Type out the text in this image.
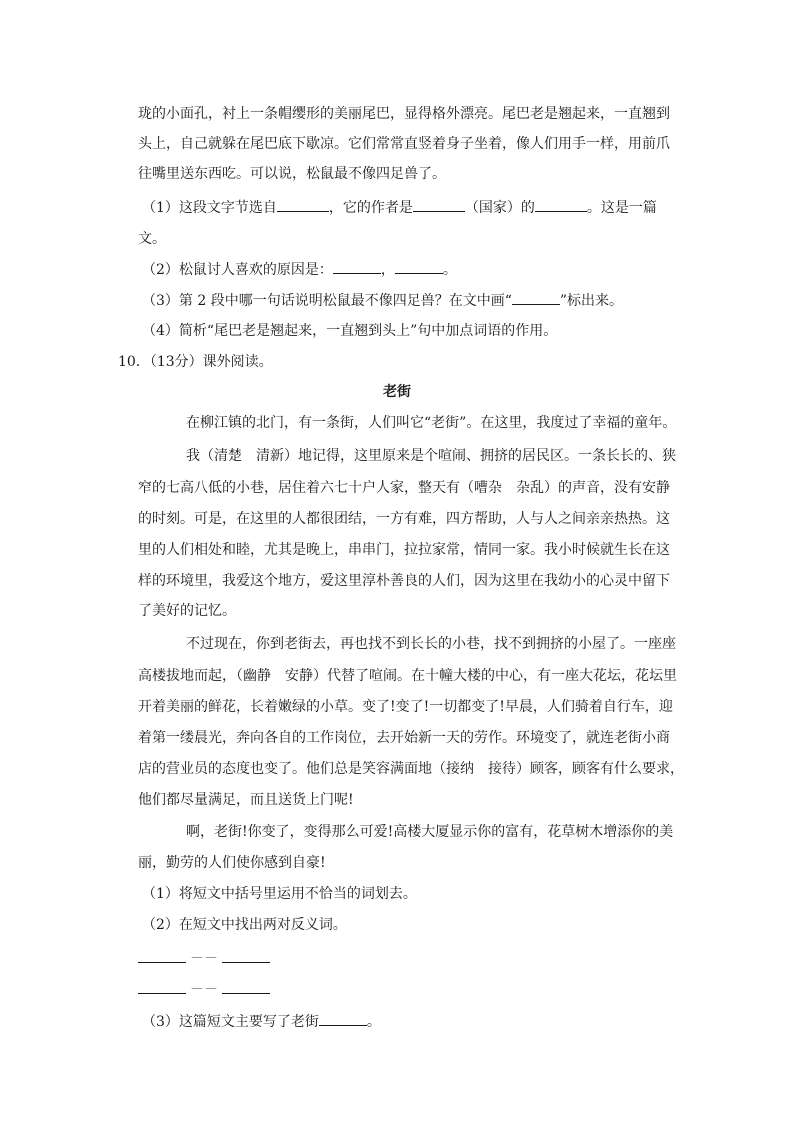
珑的小面孔，衬上一条帽缨形的美丽尾巴，显得格外漂亮。尾巴老是翘起来，一直翘到
头上，自己就躲在尾巴底下歇凉。它们常常直竖着身子坐着，像人们用手一样，用前爪
往嘴里送东西吃。可以说，松鼠最不像四足兽了。
（1）这段文字节选自	，它的作者是	（国家）的	。这是一篇
文。
（2）松鼠讨人喜欢的原因是：	，	。
（3）第 2 段中哪一句话说明松鼠最不像四足兽？在文中画“	”标出来。
（4）简析“尾巴老是翘起来，一直翘到头上”句中加点词语的作用。
10．（13分）课外阅读。
老街
在柳江镇的北门，有一条街，人们叫它“老街”。在这里，我度过了幸福的童年。
我（清楚　清新）地记得，这里原来是个喧闹、拥挤的居民区。一条长长的、狭
窄的七高八低的小巷，居住着六七十户人家，整天有（嘈杂　杂乱）的声音，没有安静
的时刻。可是，在这里的人都很团结，一方有难，四方帮助，人与人之间亲亲热热。这
里的人们相处和睦，尤其是晚上，串串门，拉拉家常，情同一家。我小时候就生长在这
样的环境里，我爱这个地方，爱这里淳朴善良的人们，因为这里在我幼小的心灵中留下
了美好的记忆。
不过现在，你到老街去，再也找不到长长的小巷，找不到拥挤的小屋了。一座座
高楼拔地而起，（幽静　安静）代替了喧闹。在十幢大楼的中心，有一座大花坛，花坛里
开着美丽的鲜花，长着嫩绿的小草。变了!变了!一切都变了!早晨，人们骑着自行车，迎
着第一缕晨光，奔向各自的工作岗位，去开始新一天的劳作。环境变了，就连老街小商
店的营业员的态度也变了。他们总是笑容满面地（接纳　接待）顾客，顾客有什么要求，
他们都尽量满足，而且送货上门呢!
啊，老街!你变了，变得那么可爱!高楼大厦显示你的富有，花草树木增添你的美
丽，勤劳的人们使你感到自豪!
（1）将短文中括号里运用不恰当的词划去。
（2）在短文中找出两对反义词。
－－
－－
（3）这篇短文主要写了老街	。
